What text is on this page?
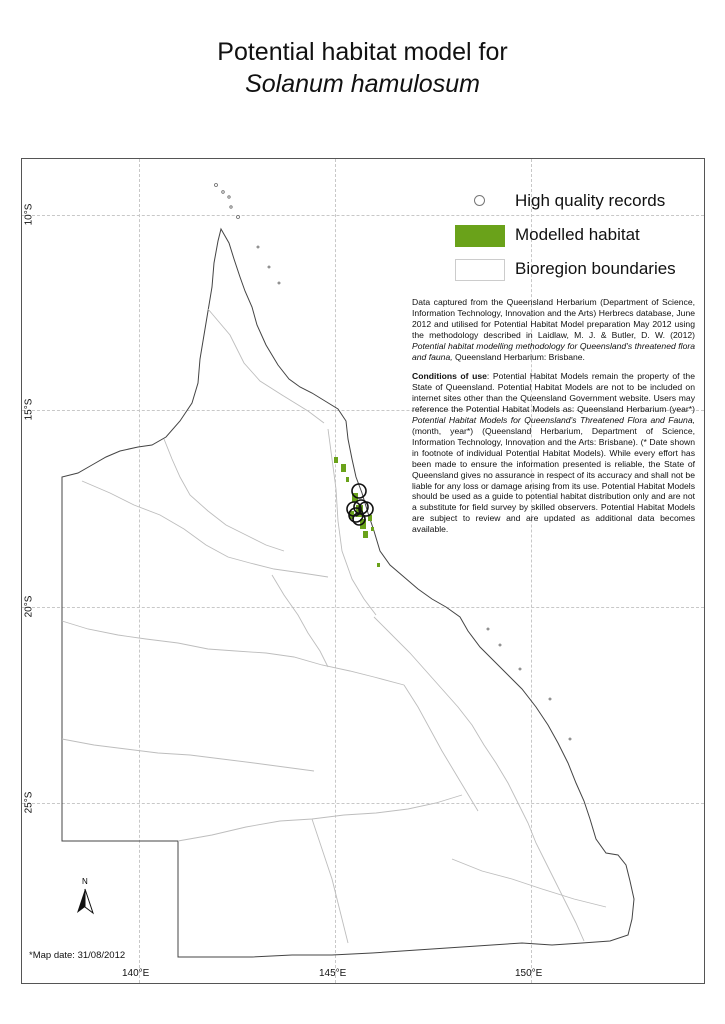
Potential habitat model for
Solanum hamulosum
10°S
15°S
20°S
25°S
140°E	145°E	150°E
High quality records
Modelled habitat
Bioregion boundaries

Data captured from the Queensland Herbarium (Department of Science, Information Technology, Innovation and the Arts) Herbrecs database, June 2012 and utilised for Potential Habitat Model preparation May 2012 using the methodology described in Laidlaw, M. J. & Butler, D. W. (2012) Potential habitat modelling methodology for Queensland's threatened flora and fauna, Queensland Herbarium: Brisbane.

Conditions of use: Potential Habitat Models remain the property of the State of Queensland. Potential Habitat Models are not to be included on internet sites other than the Queensland Government website. Users may reference the Potential Habitat Models as: Queensland Herbarium (year*) Potential Habitat Models for Queensland's Threatened Flora and Fauna, (month, year*) (Queensland Herbarium, Department of Science, Information Technology, Innovation and the Arts: Brisbane). (* Date shown in footnote of individual Potential Habitat Models). While every effort has been made to ensure the information presented is reliable, the State of Queensland gives no assurance in respect of its accuracy and shall not be liable for any loss or damage arising from its use. Potential Habitat Models should be used as a guide to potential habitat distribution only and are not a substitute for field survey by skilled observers. Potential Habitat Models are subject to review and are updated as additional data becomes available.

N
*Map date: 31/08/2012
